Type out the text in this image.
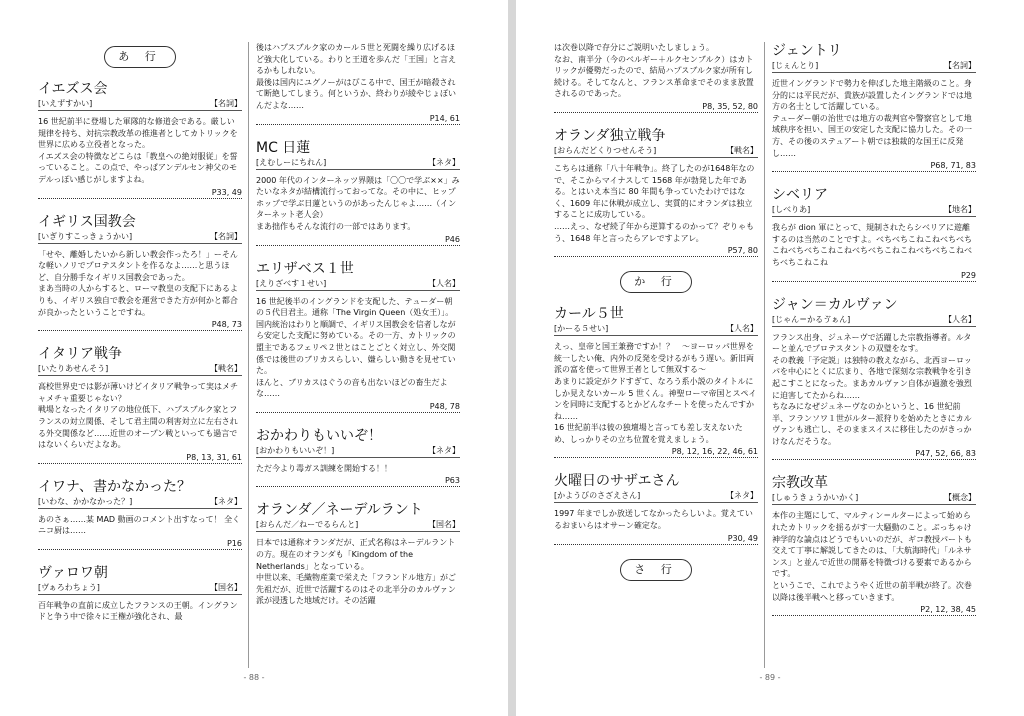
あ 行
イエズス会
[いえずすかい]	【名詞】

16 世紀前半に登場した軍隊的な修道会である。厳しい規律を持ち、対抗宗教改革の推進者としてカトリックを世界に広める立役者となった。

イエズス会の特徴などこらは「教皇への絶対服従」を誓っていること。この点で、やっぱアンデルセン神父のモデルっぽい感じがしますよね。

P33, 49
イギリス国教会
[いぎりすこっきょうかい]	【名詞】

「せや、離婚したいから新しい教会作ったろ！」ーそんな軽いノリでプロテスタントを作るなよ……と思うほど、自分勝手なイギリス国教会であった。

まあ当時の人からすると、ローマ教皇の支配下にあるよりも、イギリス独自で教会を運営できた方が何かと都合が良かったということですね。

P48, 73
イタリア戦争
[いたりあせんそう]	【戦名】

高校世界史では影が薄いけどイタリア戦争って実はメチャメチャ重要じゃない？

戦場となったイタリアの地位低下、ハプスブルク家とフランスの対立関係、そして君主間の利害対立に左右される外交関係など……近世のオープン戦といっても過言ではないくらいだよなあ。

P8, 13, 31, 61
イワナ、書かなかった？
[いわな、かかなかった？]	【ネタ】

あのさぁ……某 MAD 動画のコメント出すなって！ 全くニコ厨は……

P16
ヴァロワ朝
[ヴぁろわちょう]	【国名】

百年戦争の直前に成立したフランスの王朝。イングランドと争う中で徐々に王権が強化され、最

後はハプスブルク家のカール５世と死闘を繰り広げるほど強大化している。わりと王道を歩んだ「王国」と言えるかもしれない。

最後は国内にユグノーがはびこる中で、国王が暗殺されて断絶してしまう。何というか、終わりが綾やじょぼいんだよな……

P14, 61
MC 日蓮
[えむしーにちれん]	【ネタ】

2000 年代のインターネッツ界隈は「〇〇で学ぶ××」みたいなネタが結構流行っておってな。その中に、ヒップホップで学ぶ日蓮というのがあったんじゃよ……（インターネット老人会）

まあ拙作もそんな流行の一部ではあります。

P46
エリザベス１世
[えりざべす１せい]	【人名】

16 世紀後半のイングランドを支配した、テューダー朝の５代目君主。通称「The Virgin Queen（処女王）」。

国内統治はわりと順調で、イギリス国教会を信者しながら安定した支配に努めている。その一方、カトリックの盟主であるフェリペ２世とはことごとく対立し、外交関係では後世のブリカスらしい、嫌らしい動きを見せていた。

ほんと、ブリカスはぐうの音も出ないほどの畜生だよな……

P48, 78
おかわりもいいぞ！
[おかわりもいいぞ！]	【ネタ】

ただ今より毒ガス訓練を開始する！！

P63
オランダ／ネーデルラント
[おらんだ／ねーでるらんと]	【国名】

日本では通称オランダだが、正式名称はネーデルラントの方。現在のオランダも「Kingdom of the Netherlands」となっている。

中世以来、毛織物産業で栄えた「フランドル地方」がご先祖だが、近世で活躍するのはその北半分のカルヴァン派が浸透した地域だけ。その活躍

- 88 -

は次巻以降で存分にご説明いたしましょう。

なお、南半分（今のベルギー＋ルクセンブルク）はカトリックが優勢だったので、結局ハプスブルク家が所有し続ける。そしてなんと、フランス革命までそのまま放置されるのであった。

P8, 35, 52, 80
オランダ独立戦争
[おらんだどくりつせんそう]	【戦名】

こちらは通称「八十年戦争」。終了したのが1648年なので、そこからマイナスして 1568 年が勃発した年である。とはいえ本当に 80 年間も争っていたわけではなく、1609 年に休戦が成立し、実質的にオランダは独立することに成功している。

……えっ、なぜ続了年から逆算するのかって？ぞりゃもう、1648 年と言ったらアレですよアレ。

P57, 80
か 行
カール５世
[かーる５せい]	【人名】

えっ、皇帝と国王兼務ですか！？　～ヨーロッパ世界を統一したい俺、内外の反発を受けるがもう遅い。新旧両派の富を使って世界王者として無双する～

あまりに設定がクドすぎて、なろう系小説のタイトルにしか見えないカール 5 世くん。神聖ローマ帝国とスペインを同時に支配するとかどんなチートを使ったんですかね……

16 世紀前半は彼の独壇場と言っても差し支えないため、しっかりその立ち位置を覚えましょう。

P8, 12, 16, 22, 46, 61
火曜日のサザエさん
[かようびのさざえさん]	【ネタ】

1997 年までしか放送してなかったらしいよ。覚えているおまいらはオサーン確定な。

P30, 49
さ 行
ジェントリ
[じぇんとり]	【名詞】

近世イングランドで勢力を伸ばした地主階級のこと。身分的には平民だが、貴族が設置したイングランドでは地方の名士として活躍している。

テューダー朝の治世では地方の裁判官や警察官として地域秩序を担い、国王の安定した支配に協力した。その一方、その後のステュアート朝では独裁的な国王に反発し……

P68, 71, 83
シベリア
[しべりあ]	【地名】

我らが dion 軍にとって、規制されたらシベリアに遊離するのは当然のことですよ。べちべちこねこねべちべちこねべちべちこねこねべちべちこねこねべちべちこねべちべちこねこね

P29
ジャン＝カルヴァン
[じゃん＝かるゔぁん]	【人名】

フランス出身、ジュネーヴで活躍した宗教指導者。ルターと並んでプロテスタントの双璧をなす。

その教義「予定説」は独特の教えながら、北西ヨーロッパを中心にとくに広まり、各地で深刻な宗教戦争を引き起こすことになった。まあカルヴァン自体が過激を強烈に迫害してたからね……

ちなみになぜジュネーヴなのかというと、16 世紀前半、フランソワ１世がルター派狩りを始めたときにカルヴァンも逃亡し、そのままスイスに移住したのがきっかけなんだそうな。

P47, 52, 66, 83
宗教改革
[しゅうきょうかいかく]	【概念】

本作の主題にして、マルティン＝ルターによって始められたカトリックを揺るがす一大騒動のこと。ぶっちゃけ神学的な論点はどうでもいいのだが、ギコ教授パートも交えて丁寧に解説してきたのは、「大航海時代」「ルネサンス」と並んで近世の開幕を特徴づける要素であるからです。

というこで、これでようやく近世の前半戦が終了。次巻以降は後半戦へと移っていきます。

P2, 12, 38, 45
- 89 -
